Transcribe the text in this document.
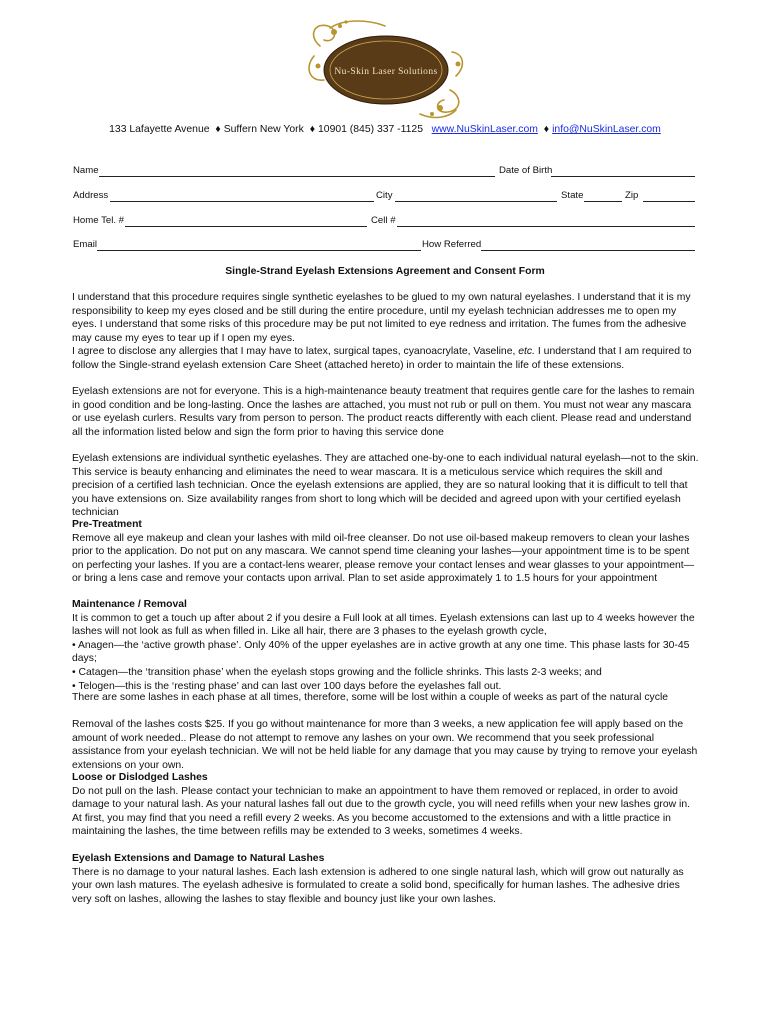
Nu-Skin Laser Solutions
133 Lafayette Avenue ♦ Suffern New York ♦ 10901 (845) 337 -1125 www.NuSkinLaser.com ♦ info@NuSkinLaser.com
Name	Date of Birth
Address	City	State	Zip
Home Tel. #	Cell #
Email	How Referred
Single-Strand Eyelash Extensions Agreement and Consent Form

I understand that this procedure requires single synthetic eyelashes to be glued to my own natural eyelashes. I understand that it is my responsibility to keep my eyes closed and be still during the entire procedure, until my eyelash technician addresses me to open my eyes. I understand that some risks of this procedure may be put not limited to eye redness and irritation. The fumes from the adhesive may cause my eyes to tear up if I open my eyes.

I agree to disclose any allergies that I may have to latex, surgical tapes, cyanoacrylate, Vaseline, etc. I understand that I am required to follow the Single-strand eyelash extension Care Sheet (attached hereto) in order to maintain the life of these extensions.

Eyelash extensions are not for everyone. This is a high-maintenance beauty treatment that requires gentle care for the lashes to remain in good condition and be long-lasting. Once the lashes are attached, you must not rub or pull on them. You must not wear any mascara or use eyelash curlers. Results vary from person to person. The product reacts differently with each client. Please read and understand all the information listed below and sign the form prior to having this service done

Eyelash extensions are individual synthetic eyelashes. They are attached one-by-one to each individual natural eyelash—not to the skin. This service is beauty enhancing and eliminates the need to wear mascara. It is a meticulous service which requires the skill and precision of a certified lash technician. Once the eyelash extensions are applied, they are so natural looking that it is difficult to tell that you have extensions on. Size availability ranges from short to long which will be decided and agreed upon with your certified eyelash technician

Pre-Treatment

Remove all eye makeup and clean your lashes with mild oil-free cleanser. Do not use oil-based makeup removers to clean your lashes prior to the application. Do not put on any mascara. We cannot spend time cleaning your lashes—your appointment time is to be spent on perfecting your lashes. If you are a contact-lens wearer, please remove your contact lenses and wear glasses to your appointment—or bring a lens case and remove your contacts upon arrival. Plan to set aside approximately 1 to 1.5 hours for your appointment

Maintenance / Removal

It is common to get a touch up after about 2 if you desire a Full look at all times. Eyelash extensions can last up to 4 weeks however the lashes will not look as full as when filled in. Like all hair, there are 3 phases to the eyelash growth cycle,

• Anagen—the ‘active growth phase’. Only 40% of the upper eyelashes are in active growth at any one time. This phase lasts for 30-45 days;

• Catagen—the ‘transition phase’ when the eyelash stops growing and the follicle shrinks. This lasts 2-3 weeks; and

• Telogen—this is the ‘resting phase’ and can last over 100 days before the eyelashes fall out.

There are some lashes in each phase at all times, therefore, some will be lost within a couple of weeks as part of the natural cycle

Removal of the lashes costs $25. If you go without maintenance for more than 3 weeks, a new application fee will apply based on the amount of work needed.. Please do not attempt to remove any lashes on your own. We recommend that you seek professional assistance from your eyelash technician. We will not be held liable for any damage that you may cause by trying to remove your eyelash extensions on your own.

Loose or Dislodged Lashes

Do not pull on the lash. Please contact your technician to make an appointment to have them removed or replaced, in order to avoid damage to your natural lash. As your natural lashes fall out due to the growth cycle, you will need refills when your new lashes grow in. At first, you may find that you need a refill every 2 weeks. As you become accustomed to the extensions and with a little practice in maintaining the lashes, the time between refills may be extended to 3 weeks, sometimes 4 weeks.

Eyelash Extensions and Damage to Natural Lashes

There is no damage to your natural lashes. Each lash extension is adhered to one single natural lash, which will grow out naturally as your own lash matures. The eyelash adhesive is formulated to create a solid bond, specifically for human lashes. The adhesive dries very soft on lashes, allowing the lashes to stay flexible and bouncy just like your own lashes.
